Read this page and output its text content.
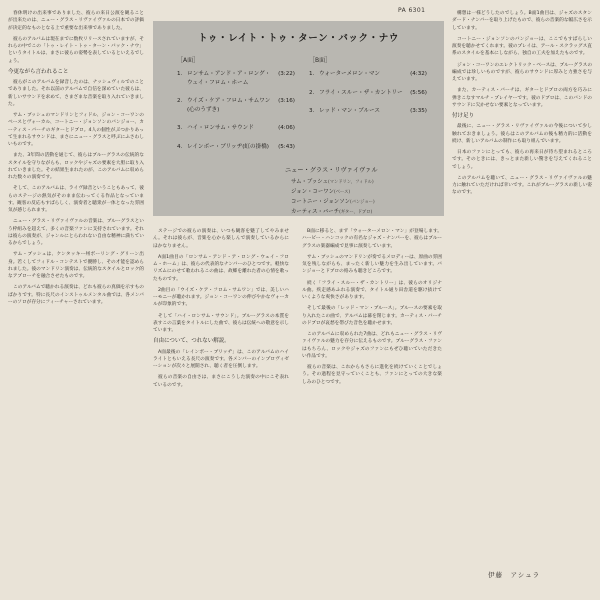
PA 6301
トゥ・レイト・トゥ・ターン・バック・ナウ
［A面］
1. ロンサム・アンド・ア・ロング・
ウェイ・フロム・ホーム
(3:22)
2. ウイズ・ケア・フロム・サムワン
(心のうずき)
(3:16)
3. ハイ・ロンサム・サウンド	(4:06)
4. レインボー・ブリッヂ(虹の掛橋) (5:43)
［B面］
1. ウォーターメロン・マン	(4:32)
2. フライ・スルー・ザ・カントリー (5:56)
3. レッド・マン・ブルース	(3:35)
ニュー・グラス・リヴァイヴァル
サム・ブッシュ(マンドリン、フィドル)
ジョン・コーワン(ベース)
コートニー・ジョンソン(バンジョー)
カーティス・バーチ(ギター、ドブロ)

春休明けの出来事でありました、彼らの来日公演を観ることが出来たのは、ニュー・グラス・リヴァイヴァルの日本での評価が決定的なものとなる上で重要な出来事でありました。

彼らのアルバムは現在までに数枚リリースされていますが、それらの中でこの「トゥ・レイト・トゥ・ターン・バック・ナウ」というタイトルは、まさに彼らの姿勢を表しているといえるでしょう。

今更ながら言われること

彼らがこのアルバムを録音したのは、ナッシュヴィルでのことでありました。それ以前のアルバムで自信を深めていた彼らは、新しいサウンドを求めて、さまざまな音楽を取り入れていきました。

サム・ブッシュのマンドリンとフィドル、ジョン・コーワンのベースとヴォーカル、コートニー・ジョンソンのバンジョー、カーティス・バーチのギターとドブロ。4人の個性がぶつかりあって生まれるサウンドは、まさにニュー・グラスと呼ぶにふさわしいものです。

また、3年間の活動を通じて、彼らはブルーグラスの伝統的なスタイルを守りながらも、ロックやジャズの要素を大胆に取り入れていきました。その結果生まれたのが、このアルバムに収められた数々の演奏です。

そして、このアルバムは、ライヴ録音ということもあって、彼らのステージの熱気がそのまま伝わってくる作品となっています。観客の反応もすばらしく、演奏者と聴衆が一体となった雰囲気が感じられます。

ニュー・グラス・リヴァイヴァルの音楽は、ブルーグラスという枠組みを超えて、多くの音楽ファンに支持されています。それは彼らの演奏が、ジャンルにとらわれない自由な精神に満ちているからでしょう。

サム・ブッシュは、ケンタッキー州ボーリング・グリーン出身。若くしてフィドル・コンテストで優勝し、その才能を認められました。彼のマンドリン演奏は、伝統的なスタイルとロック的なアプローチを融合させたものです。

このアルバムで聴かれる演奏は、どれも彼らの真価を示すものばかりです。特に長尺のインストゥルメンタル曲では、各メンバーのソロが存分にフィーチャーされています。

ステージでの彼らの演奏は、いつも観客を魅了してやみません。それは彼らが、音楽を心から楽しんで演奏しているからにほかなりません。

A面1曲目の「ロンサム・アンド・ア・ロング・ウェイ・フロム・ホーム」は、彼らの代表的なナンバーのひとつです。軽快なリズムにのせて歌われるこの曲は、故郷を離れた者の心情を歌ったものです。

2曲目の「ウイズ・ケア・フロム・サムワン」では、美しいハーモニーが聴かれます。ジョン・コーワンの伸びやかなヴォーカルが印象的です。

そして「ハイ・ロンサム・サウンド」。ブルーグラスの本質を表すこの言葉をタイトルにした曲で、彼らは伝統への敬意を示しています。

自由について、つれない解説。

A面最後の「レインボー・ブリッヂ」は、このアルバムのハイライトともいえる長尺の演奏です。各メンバーのインプロヴィゼーションが次々と展開され、聴く者を圧倒します。

彼らの音楽の自由さは、まさにこうした演奏の中にこそ表れているのです。

B面に移ると、まず「ウォーターメロン・マン」が登場します。ハービー・ハンコックの有名なジャズ・ナンバーを、彼らはブルーグラスの楽器編成で見事に演奏しています。

サム・ブッシュのマンドリンが奏でるメロディーは、原曲の雰囲気を残しながらも、まったく新しい魅力を生み出しています。バンジョーとドブロの絡みも聴きどころです。

続く「フライ・スルー・ザ・カントリー」は、彼らのオリジナル曲。疾走感あふれる演奏で、タイトル通り田舎道を駆け抜けていくような爽快さがあります。

そして最後の「レッド・マン・ブルース」。ブルースの要素を取り入れたこの曲で、アルバムは幕を閉じます。カーティス・バーチのドブロが哀愁を帯びた音色を聴かせます。

このアルバムに収められた7曲は、どれもニュー・グラス・リヴァイヴァルの魅力を存分に伝えるものです。ブルーグラス・ファンはもちろん、ロックやジャズのファンにもぜひ聴いていただきたい作品です。

彼らの音楽は、これからもさらに進化を続けていくことでしょう。その過程を見守っていくことも、ファンにとっての大きな楽しみのひとつです。

構想は一様どうしたのでしょう。B面1曲目は、ジャズのスタンダード・ナンバーを取り上げたもので、彼らの音楽的な幅広さを示しています。

コートニー・ジョンソンのバンジョーは、ここでもすばらしい演奏を聴かせてくれます。彼のプレイは、アール・スクラッグス直系のスタイルを基本にしながら、独自の工夫を加えたものです。

ジョン・コーワンのエレクトリック・ベースは、ブルーグラスの編成では珍しいものですが、彼らのサウンドに厚みと力強さを与えています。

また、カーティス・バーチは、ギターとドブロの両方を巧みに弾きこなすマルチ・プレイヤーです。彼のドブロは、このバンドのサウンドに欠かせない要素となっています。

付け足り

最後に、ニュー・グラス・リヴァイヴァルの今後について少し触れておきましょう。彼らはこのアルバムの後も精力的に活動を続け、新しいアルバムの制作にも取り組んでいます。

日本のファンにとっても、彼らの再来日が待ち望まれるところです。そのときには、きっとまた新しい驚きを与えてくれることでしょう。

このアルバムを聴いて、ニュー・グラス・リヴァイヴァルの魅力に触れていただければ幸いです。これがブルーグラスの新しい姿なのです。

伊藤　アシュラ
